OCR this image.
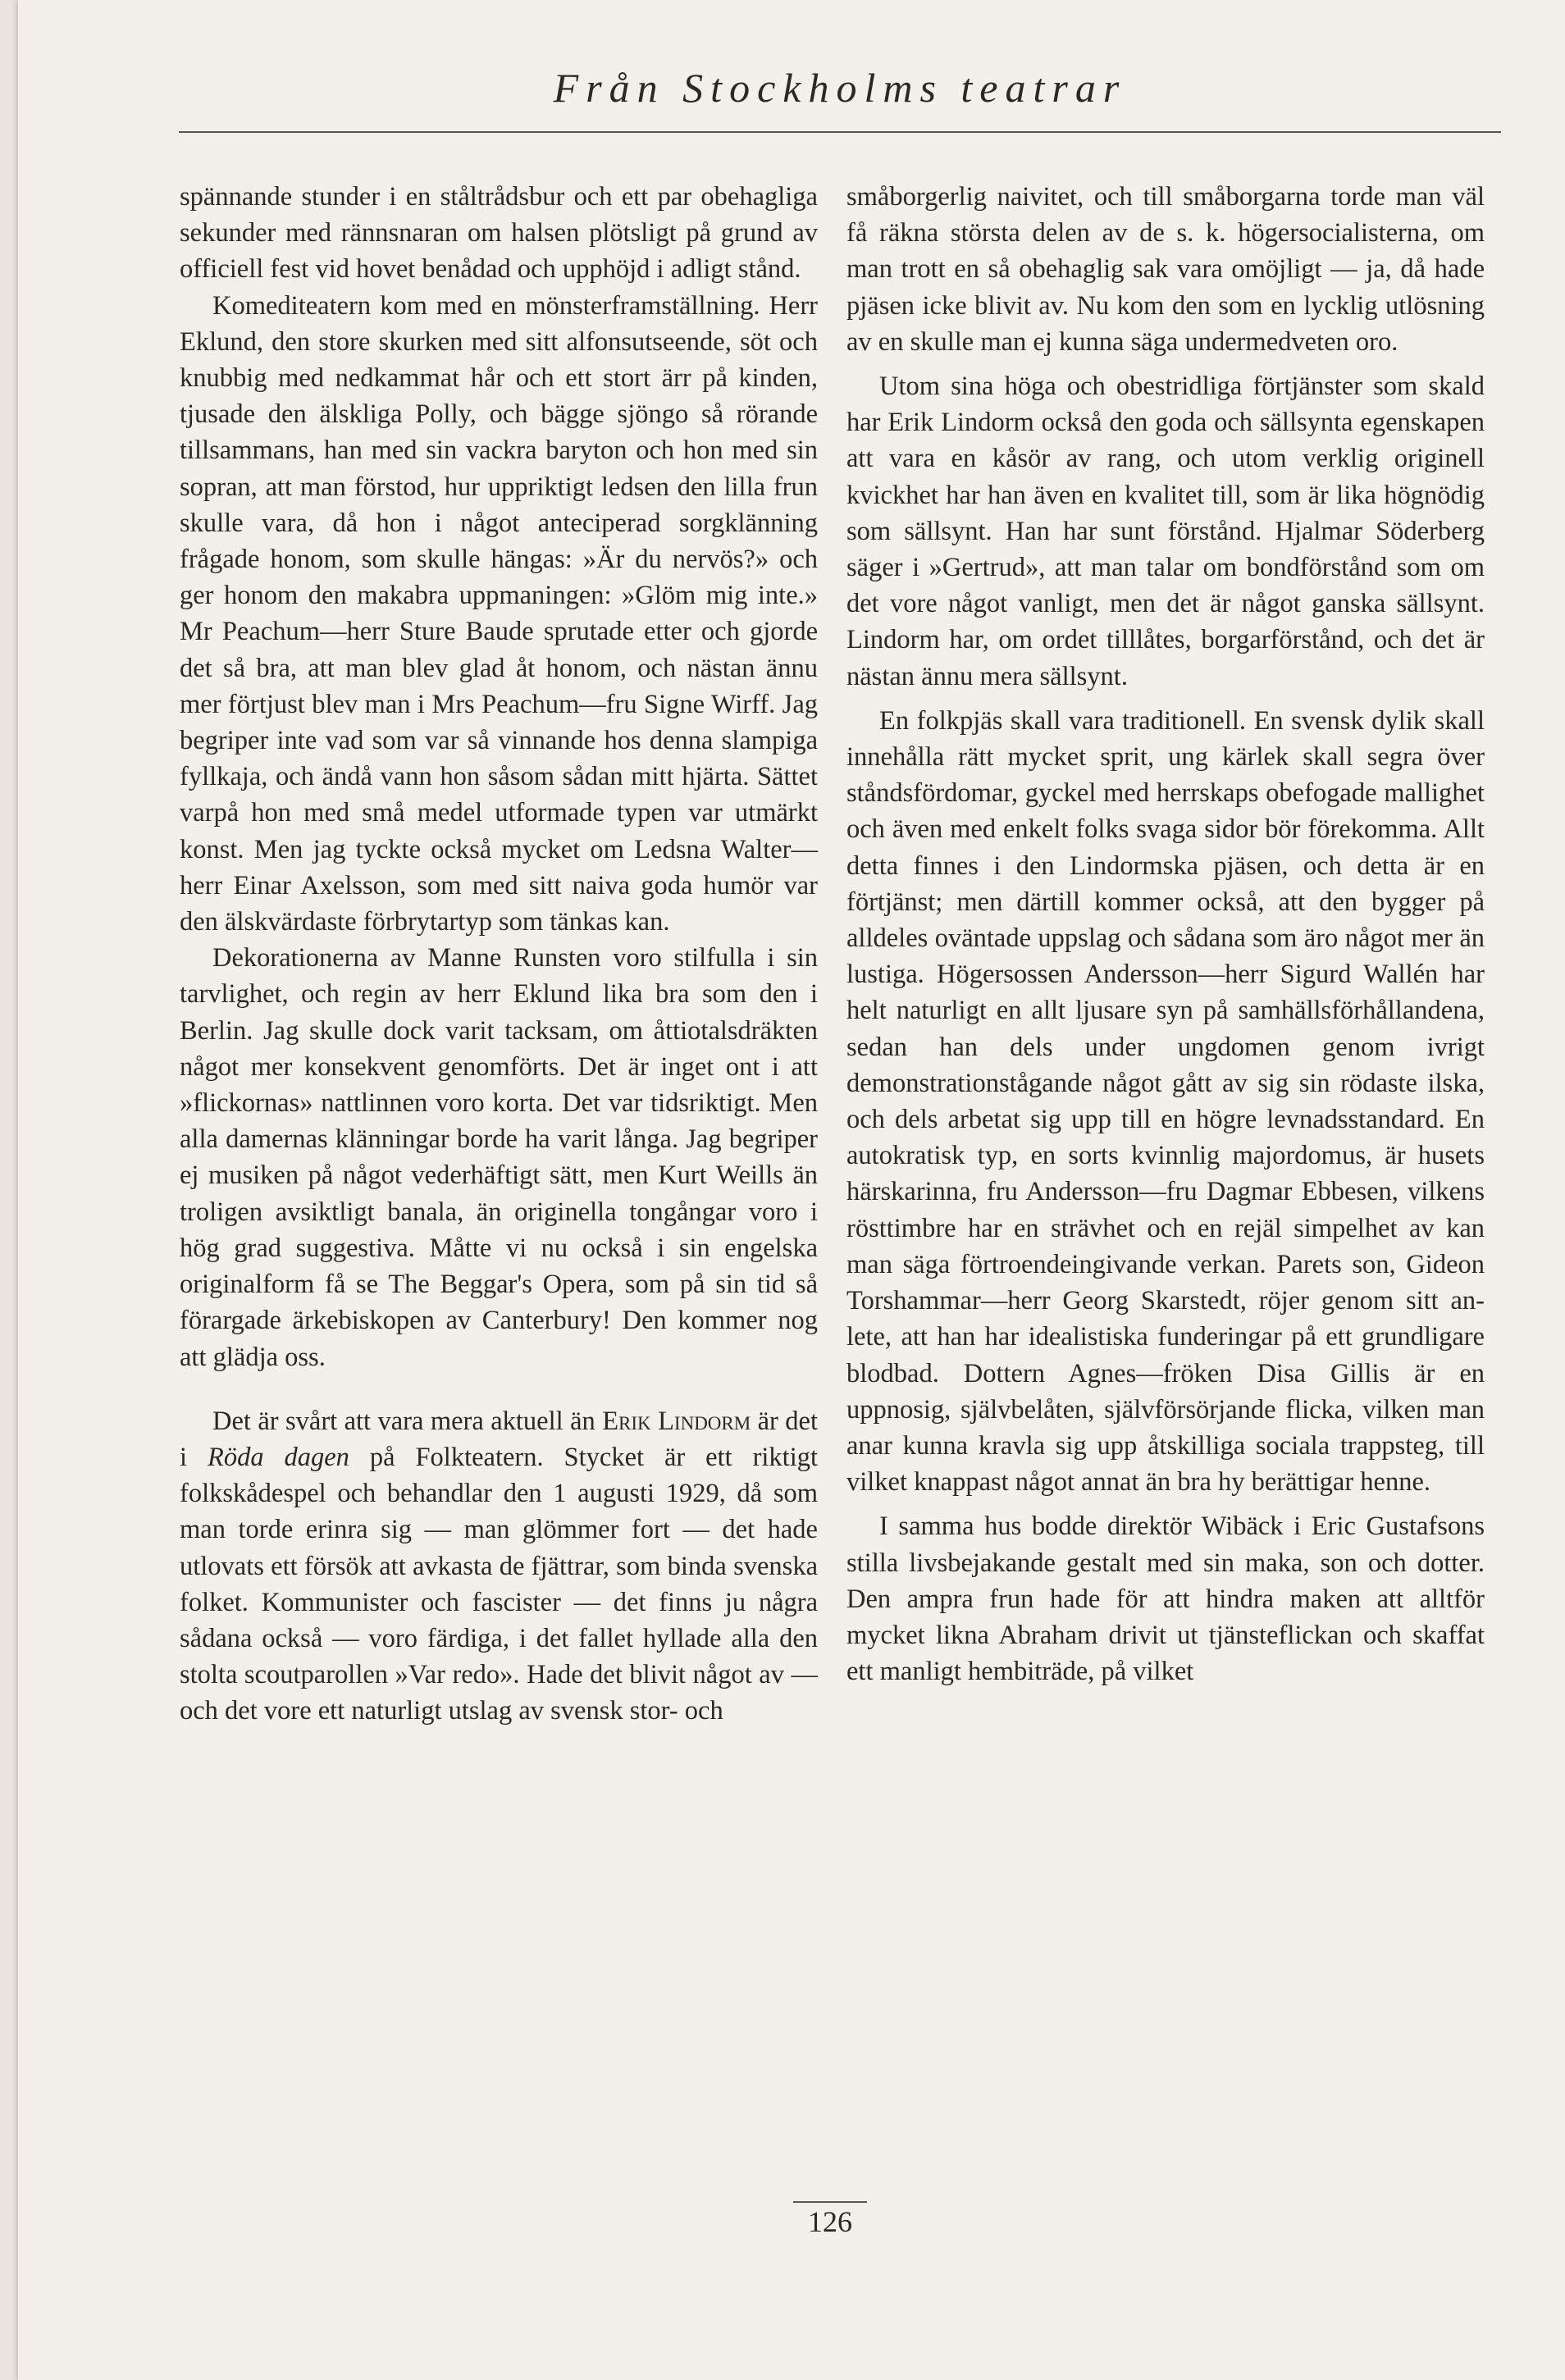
Från Stockholms teatrar

spännande stunder i en ståltrådsbur och ett par obehagliga sekunder med rännsnaran om halsen plötsligt på grund av officiell fest vid hovet benådad och upphöjd i adligt stånd.

Komediteatern kom med en mönsterframställning. Herr Eklund, den store skurken med sitt alfonsutseende, söt och knubbig med nedkammat hår och ett stort ärr på kinden, tjusade den älskliga Polly, och bägge sjöngo så rörande tillsammans, han med sin vackra baryton och hon med sin sopran, att man förstod, hur uppriktigt ledsen den lilla frun skulle vara, då hon i något anteciperad sorgklänning frågade honom, som skulle hängas: »Är du nervös?» och ger honom den makabra uppmaningen: »Glöm mig inte.» Mr Peachum—herr Sture Baude sprutade etter och gjorde det så bra, att man blev glad åt honom, och nästan ännu mer förtjust blev man i Mrs Peachum—fru Signe Wirff. Jag begriper inte vad som var så vinnande hos denna slampiga fyllkaja, och ändå vann hon såsom sådan mitt hjärta. Sättet varpå hon med små medel utformade typen var utmärkt konst. Men jag tyckte också mycket om Ledsna Walter—herr Einar Axelsson, som med sitt naiva goda humör var den älskvärdaste förbrytartyp som tänkas kan.

Dekorationerna av Manne Runsten voro stilfulla i sin tarvlighet, och regin av herr Eklund lika bra som den i Berlin. Jag skulle dock varit tacksam, om åttiotalsdräkten något mer konsekvent genomförts. Det är inget ont i att »flickornas» nattlinnen voro korta. Det var tidsriktigt. Men alla damernas klänningar borde ha varit långa. Jag begriper ej musiken på något vederhäftigt sätt, men Kurt Weills än troligen avsiktligt banala, än originella tongångar voro i hög grad suggestiva. Måtte vi nu också i sin engelska originalform få se The Beggar's Opera, som på sin tid så förargade ärkebiskopen av Canterbury! Den kommer nog att glädja oss.

Det är svårt att vara mera aktuell än Erik Lindorm är det i Röda dagen på Folkteatern. Stycket är ett riktigt folkskådespel och behandlar den 1 augusti 1929, då som man torde erinra sig — man glömmer fort — det hade utlovats ett försök att avkasta de fjättrar, som binda svenska folket. Kommunister och fascister — det finns ju några sådana också — voro färdiga, i det fallet hyllade alla den stolta scoutparollen »Var redo». Hade det blivit något av — och det vore ett naturligt utslag av svensk stor- och

småborgerlig naivitet, och till småborgarna torde man väl få räkna största delen av de s. k. högersocialisterna, om man trott en så obehaglig sak vara omöjligt — ja, då hade pjäsen icke blivit av. Nu kom den som en lycklig utlösning av en skulle man ej kunna säga undermedveten oro.

Utom sina höga och obestridliga förtjänster som skald har Erik Lindorm också den goda och sällsynta egenskapen att vara en kåsör av rang, och utom verklig originell kvickhet har han även en kvalitet till, som är lika högnödig som sällsynt. Han har sunt förstånd. Hjalmar Söderberg säger i »Gertrud», att man talar om bondförstånd som om det vore något vanligt, men det är något ganska sällsynt. Lindorm har, om ordet tilllåtes, borgarförstånd, och det är nästan ännu mera sällsynt.

En folkpjäs skall vara traditionell. En svensk dylik skall innehålla rätt mycket sprit, ung kärlek skall segra över ståndsfördomar, gyckel med herrskaps obefogade mallighet och även med enkelt folks svaga sidor bör förekomma. Allt detta finnes i den Lindormska pjäsen, och detta är en förtjänst; men därtill kommer också, att den bygger på alldeles oväntade uppslag och sådana som äro något mer än lustiga. Högersossen Andersson—herr Sigurd Wallén har helt naturligt en allt ljusare syn på samhällsförhållandena, sedan han dels under ungdomen genom ivrigt demonstrationstågande något gått av sig sin rödaste ilska, och dels arbetat sig upp till en högre levnadsstandard. En autokratisk typ, en sorts kvinnlig majordomus, är husets härskarinna, fru Andersson—fru Dagmar Ebbesen, vilkens rösttimbre har en strävhet och en rejäl simpelhet av kan man säga förtroendeingivande verkan. Parets son, Gideon Torshammar—herr Georg Skarstedt, röjer genom sitt anlete, att han har idealistiska funderingar på ett grundligare blodbad. Dottern Agnes—fröken Disa Gillis är en uppnosig, självbelåten, självförsörjande flicka, vilken man anar kunna kravla sig upp åtskilliga sociala trappsteg, till vilket knappast något annat än bra hy berättigar henne.

I samma hus bodde direktör Wibäck i Eric Gustafsons stilla livsbejakande gestalt med sin maka, son och dotter. Den ampra frun hade för att hindra maken att alltför mycket likna Abraham drivit ut tjänsteflickan och skaffat ett manligt hembiträde, på vilket

126
